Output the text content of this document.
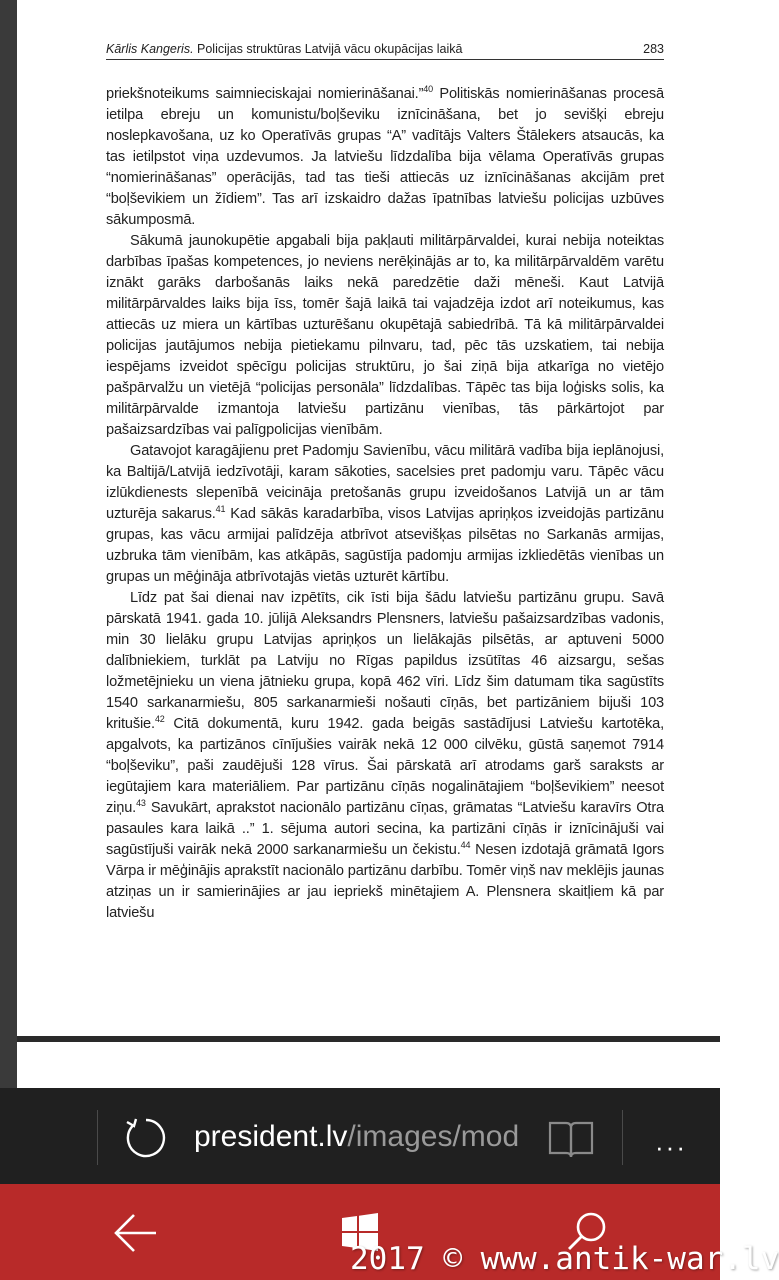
Kārlis Kangeris. Policijas struktūras Latvijā vācu okupācijas laikā	283

priekšnoteikums saimnieciskajai nomierināšanai.”$^{40}$ Politiskās nomierināšanas procesā ietilpa ebreju un komunistu/boļševiku iznīcināšana, bet jo sevišķi ebreju noslepkavošana, uz ko Operatīvās grupas “A” vadītājs Valters Štālekers atsaucās, ka tas ietilpstot viņa uzdevumos. Ja latviešu līdzdalība bija vēlama Operatīvās grupas “nomierināšanas” operācijās, tad tas tieši attiecās uz iznīcināšanas akcijām pret “boļševikiem un žīdiem”. Tas arī izskaidro dažas īpatnības latviešu policijas uzbūves sākumposmā.

Sākumā jaunokupētie apgabali bija pakļauti militārpārvaldei, kurai nebija noteiktas darbības īpašas kompetences, jo neviens nerēķinājās ar to, ka militārpārvaldēm varētu iznākt garāks darbošanās laiks nekā paredzētie daži mēneši. Kaut Latvijā militārpārvaldes laiks bija īss, tomēr šajā laikā tai vajadzēja izdot arī noteikumus, kas attiecās uz miera un kārtības uzturēšanu okupētajā sabiedrībā. Tā kā militārpārvaldei policijas jautājumos nebija pietiekamu pilnvaru, tad, pēc tās uzskatiem, tai nebija iespējams izveidot spēcīgu policijas struktūru, jo šai ziņā bija atkarīga no vietējo pašpārvalžu un vietējā “policijas personāla” līdzdalības. Tāpēc tas bija loģisks solis, ka militārpārvalde izmantoja latviešu partizānu vienības, tās pārkārtojot par pašaizsardzības vai palīgpolicijas vienībām.

Gatavojot karagājienu pret Padomju Savienību, vācu militārā vadība bija ieplānojusi, ka Baltijā/Latvijā iedzīvotāji, karam sākoties, sacelsies pret padomju varu. Tāpēc vācu izlūkdienests slepenībā veicināja pretošanās grupu izveidošanos Latvijā un ar tām uzturēja sakarus.$^{41}$ Kad sākās karadarbība, visos Latvijas apriņķos izveidojās partizānu grupas, kas vācu armijai palīdzēja atbrīvot atsevišķas pilsētas no Sarkanās armijas, uzbruka tām vienībām, kas atkāpās, sagūstīja padomju armijas izkliedētās vienības un grupas un mēģināja atbrīvotajās vietās uzturēt kārtību.

Līdz pat šai dienai nav izpētīts, cik īsti bija šādu latviešu partizānu grupu. Savā pārskatā 1941. gada 10. jūlijā Aleksandrs Plensners, latviešu pašaizsardzības vadonis, min 30 lielāku grupu Latvijas apriņķos un lielākajās pilsētās, ar aptuveni 5000 dalībniekiem, turklāt pa Latviju no Rīgas papildus izsūtītas 46 aizsargu, sešas ložmetējnieku un viena jātnieku grupa, kopā 462 vīri. Līdz šim datumam tika sagūstīts 1540 sarkanarmiešu, 805 sarkanarmieši nošauti cīņās, bet partizāniem bijuši 103 kritušie.$^{42}$ Citā dokumentā, kuru 1942. gada beigās sastādījusi Latviešu kartotēka, apgalvots, ka partizānos cīnījušies vairāk nekā 12 000 cilvēku, gūstā saņemot 7914 “boļševiku”, paši zaudējuši 128 vīrus. Šai pārskatā arī atrodams garš saraksts ar iegūtajiem kara materiāliem. Par partizānu cīņās nogalinātajiem “boļševikiem” neesot ziņu.$^{43}$ Savukārt, aprakstot nacionālo partizānu cīņas, grāmatas “Latviešu karavīrs Otra pasaules kara laikā ..” 1. sējuma autori secina, ka partizāni cīņās ir iznīcinājuši vai sagūstījuši vairāk nekā 2000 sarkanarmiešu un čekistu.$^{44}$ Nesen izdotajā grāmatā Igors Vārpa ir mēģinājis aprakstīt nacionālo partizānu darbību. Tomēr viņš nav meklējis jaunas atziņas un ir samierinājies ar jau iepriekš minētajiem A. Plensnera skaitļiem kā par latviešu

president.lv/images/mod	···
2017 © www.antik-war.lv
